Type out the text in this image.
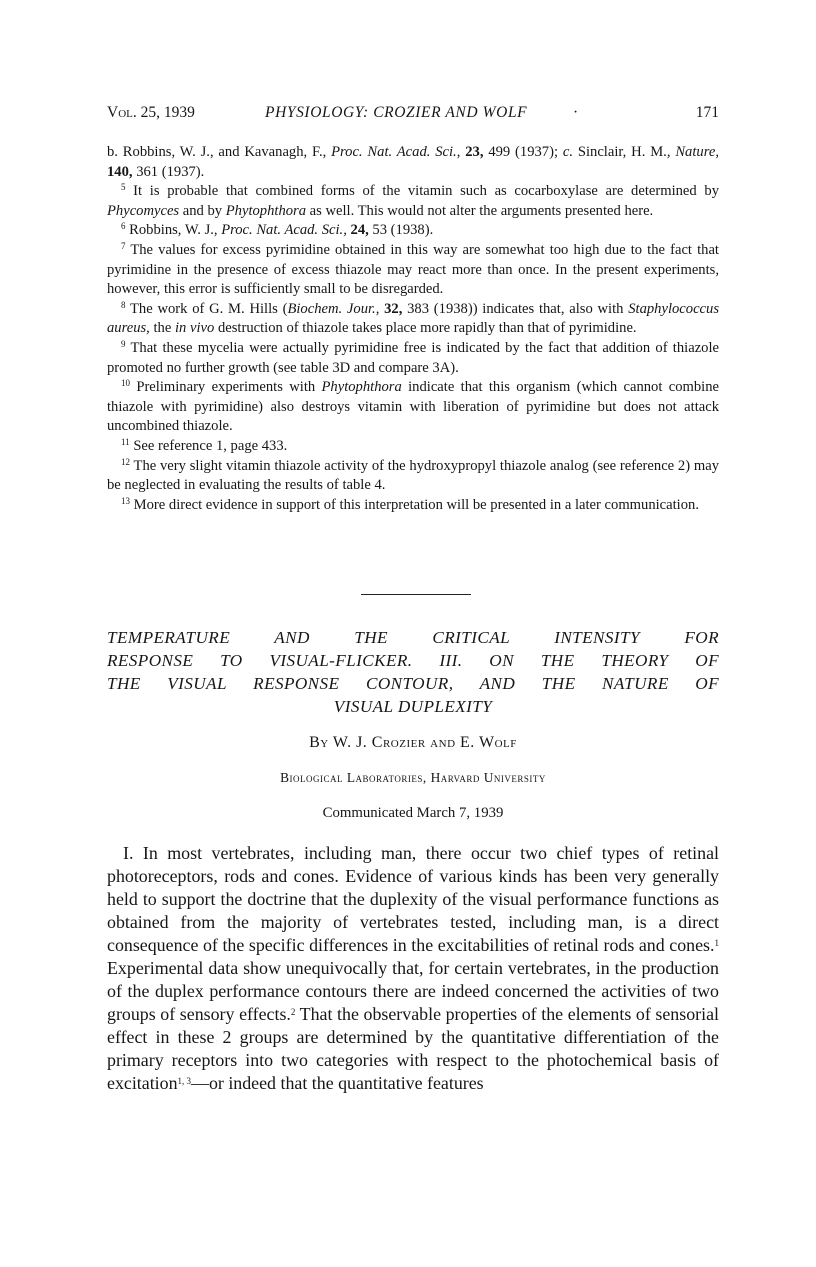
Vol. 25, 1939	PHYSIOLOGY: CROZIER AND WOLF	·	171

b. Robbins, W. J., and Kavanagh, F., Proc. Nat. Acad. Sci., 23, 499 (1937); c. Sinclair, H. M., Nature, 140, 361 (1937).

$^5$ It is probable that combined forms of the vitamin such as cocarboxylase are determined by Phycomyces and by Phytophthora as well. This would not alter the arguments presented here.

$^6$ Robbins, W. J., Proc. Nat. Acad. Sci., 24, 53 (1938).

$^7$ The values for excess pyrimidine obtained in this way are somewhat too high due to the fact that pyrimidine in the presence of excess thiazole may react more than once. In the present experiments, however, this error is sufficiently small to be disregarded.

$^8$ The work of G. M. Hills (Biochem. Jour., 32, 383 (1938)) indicates that, also with Staphylococcus aureus, the in vivo destruction of thiazole takes place more rapidly than that of pyrimidine.

$^9$ That these mycelia were actually pyrimidine free is indicated by the fact that addition of thiazole promoted no further growth (see table 3D and compare 3A).

$^{10}$ Preliminary experiments with Phytophthora indicate that this organism (which cannot combine thiazole with pyrimidine) also destroys vitamin with liberation of pyrimidine but does not attack uncombined thiazole.

$^{11}$ See reference 1, page 433.

$^{12}$ The very slight vitamin thiazole activity of the hydroxypropyl thiazole analog (see reference 2) may be neglected in evaluating the results of table 4.

$^{13}$ More direct evidence in support of this interpretation will be presented in a later communication.

TEMPERATURE AND THE CRITICAL INTENSITY FOR

RESPONSE TO VISUAL-FLICKER. III. ON THE THEORY OF

THE VISUAL RESPONSE CONTOUR, AND THE NATURE OF

VISUAL DUPLEXITY

By W. J. Crozier and E. Wolf
Biological Laboratories, Harvard University
Communicated March 7, 1939

I. In most vertebrates, including man, there occur two chief types of retinal photoreceptors, rods and cones. Evidence of various kinds has been very generally held to support the doctrine that the duplexity of the visual performance functions as obtained from the majority of vertebrates tested, including man, is a direct consequence of the specific differences in the excitabilities of retinal rods and cones.$^1$ Experimental data show unequivocally that, for certain vertebrates, in the production of the duplex performance contours there are indeed concerned the activities of two groups of sensory effects.$^2$ That the observable properties of the elements of sensorial effect in these 2 groups are determined by the quantitative differentiation of the primary receptors into two categories with respect to the photochemical basis of excitation$^{1, 3}$—or indeed that the quantitative features
